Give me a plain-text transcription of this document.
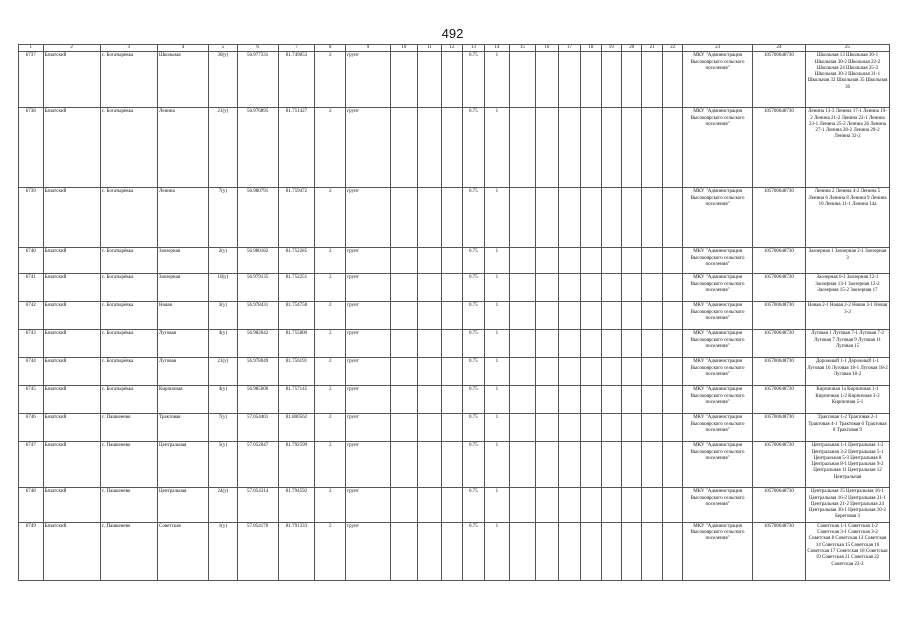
492
1	2	3	4	5	6	7	8	9	10	11	12	13	14	15	16	17	18	19	20	21	22	23	24	25
6737	Бачатский	с. Богатырёвка	Школьная	30(у)	56.977331	81.749853	2	грунт				0.75	1									МКУ "Администрация Высокоярского сельского поселения"	105700648730	Школьная 13 Школьная 30-1 Школьная 30-2 Школьная 22-2 Школьная 24 Школьная 25-2 Школьная 30-3 Школьная 31-1 Школьная 32 Школьная 35 Школьная 36
6738	Бачатский	с. Богатырёвка	Ленина	21(у)	56.976895	81.751427	2	грунт				0.75	1									МКУ "Администрация Высокоярского сельского поселения"	105700648730	Ленина 13-3 Ленина 17-1 Ленина 19-2 Ленина 21-2 Ленина 22-1 Ленина 23-1 Ленина 25-2 Ленина 26 Ленина 27-1 Ленина 28-2 Ленина 29-2 Ленина 32-2
6739	Бачатский	с. Богатырёвка	Ленина	7(у)	56.980791	81.759472	2	грунт				0.75	1									МКУ "Администрация Высокоярского сельского поселения"	105700648730	Ленина 2 Ленина 4-2 Ленина 5 Ленина 6 Ленина 8 Ленина 9 Ленина 10 Ленина 11-1 Ленина 14а
6740	Бачатский	с. Богатырёвка	Заозерная	2(у)	56.980182	81.752285	2	грунт				0.75	1									МКУ "Администрация Высокоярского сельского поселения"	105700648730	Заозерная 1 Заозерная 2-1 Заозерная 3
6741	Бачатский	с. Богатырёвка	Заозерная	10(у)	56.979135	81.752251	2	грунт				0.75	1									МКУ "Администрация Высокоярского сельского поселения"	105700648730	Заозерная 6-1 Заозерная 12-1 Заозерная 13-1 Заозерная 12-2 Заозерная 15-2 Заозерная 17
6742	Бачатский	с. Богатырёвка	Новая	3(у)	56.978431	81.754758	2	грунт				0.75	1									МКУ "Администрация Высокоярского сельского поселения"	105700648730	Новая 2-1 Новая 2-2 Новая 3-1 Новая 3-2
6743	Бачатский	с. Богатырёвка	Луговая	4(у)	56.982642	81.755800	2	грунт				0.75	1									МКУ "Администрация Высокоярского сельского поселения"	105700648730	Луговая 1 Луговая 7-1 Луговая 7-2 Луговая 7 Луговая 9 Луговая 11 Луговая 15
6744	Бачатский	с. Богатырёвка	Луговая	21(у)	56.978049	81.756191	2	грунт				0.75	1									МКУ "Администрация Высокоярского сельского поселения"	105700648730	Дорожный 1-1 Дорожный 1-1 Луговая 16 Луговая 18-1 Луговая 18-2 Луговая 18-2
6745	Бачатский	с. Богатырёвка	Кирпичная	4(у)	56.985006	81.757145	2	грунт				0.75	1									МКУ "Администрация Высокоярского сельского поселения"	105700648730	Кирпичная 1а Кирпичная 1-1 Кирпичная 1-2 Кирпичная 3-2 Кирпичная 5-1
6746	Бачатский	с. Пашкенево	Трактовая	7(у)	57.054401	81.800562	2	грунт				0.75	1									МКУ "Администрация Высокоярского сельского поселения"	105700648730	Трактовая 1-2 Трактовая 2-1 Трактовая 4-1 Трактовая 6 Трактовая 8 Трактовая 9
6747	Бачатский	с. Пашкенево	Центральная	5(у)	57.052047	81.792599	2	грунт				0.75	1									МКУ "Администрация Высокоярского сельского поселения"	105700648730	Центральная 1-1 Центральная 1-2 Центральная 3-2 Центральная 5-1 Центральная 5-3 Центральная 8 Центральная 8-1 Центральная 9-2 Центральная 11 Центральная 12 Центральная
6748	Бачатский	с. Пашкенево	Центральная	24(у)	57.054314	81.794592	2	грунт				0.75	1									МКУ "Администрация Высокоярского сельского поселения"	105700648730	Центральная 15 Центральная 16-1 Центральная 16-2 Центральная 21-1 Центральная 21-2 Центральная 24 Центральная 30-1 Центральная 30-2 Береговая 3
6749	Бачатский	с. Пашкенево	Советская	1(у)	57.054170	81.791333	2	грунт				0.75	1									МКУ "Администрация Высокоярского сельского поселения"	105700648730	Советская 1-1 Советская 1-2 Советская 3-1 Советская 3-2 Советская 8 Советская 12 Советская 14 Советская 15 Советская 16 Советская 17 Советская 18 Советская 19 Советская 21 Советская 22 Советская 23-2
